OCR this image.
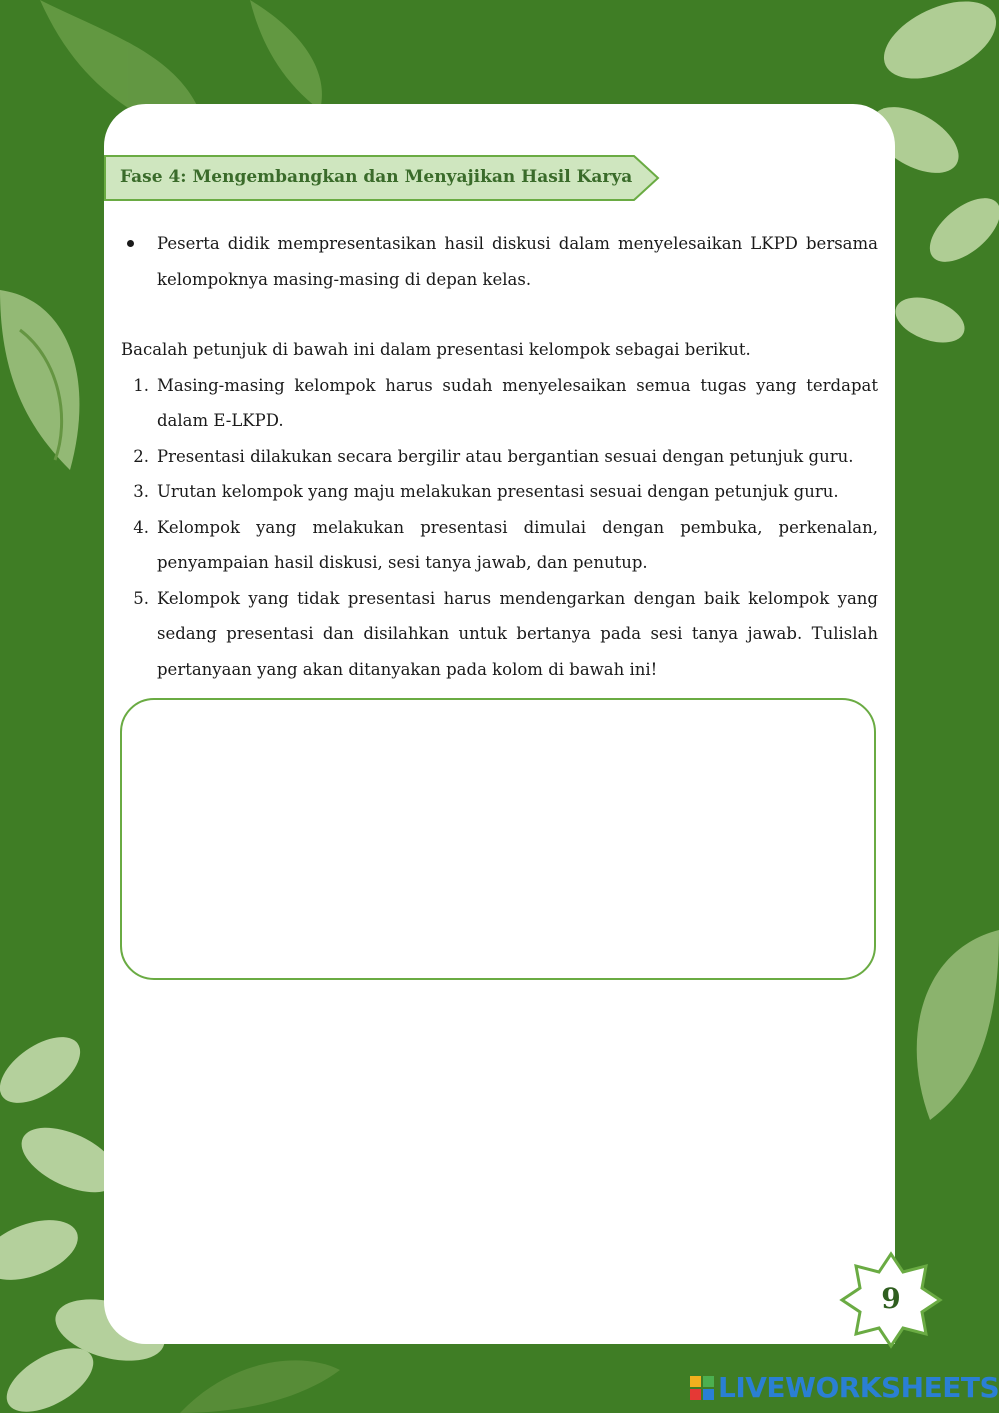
Fase 4: Mengembangkan dan Menyajikan Hasil Karya
Peserta didik mempresentasikan hasil diskusi dalam menyelesaikan LKPD bersama kelompoknya masing-masing di depan kelas.
Bacalah petunjuk di bawah ini dalam presentasi kelompok sebagai berikut.
1. Masing-masing kelompok harus sudah menyelesaikan semua tugas yang terdapat dalam E-LKPD.
2. Presentasi dilakukan secara bergilir atau bergantian sesuai dengan petunjuk guru.
3. Urutan kelompok yang maju melakukan presentasi sesuai dengan petunjuk guru.
4. Kelompok yang melakukan presentasi dimulai dengan pembuka, perkenalan, penyampaian hasil diskusi, sesi tanya jawab, dan penutup.
5. Kelompok yang tidak presentasi harus mendengarkan dengan baik kelompok yang sedang presentasi dan disilahkan untuk bertanya pada sesi tanya jawab. Tulislah pertanyaan yang akan ditanyakan pada kolom di bawah ini!
9
LIVEWORKSHEETS
